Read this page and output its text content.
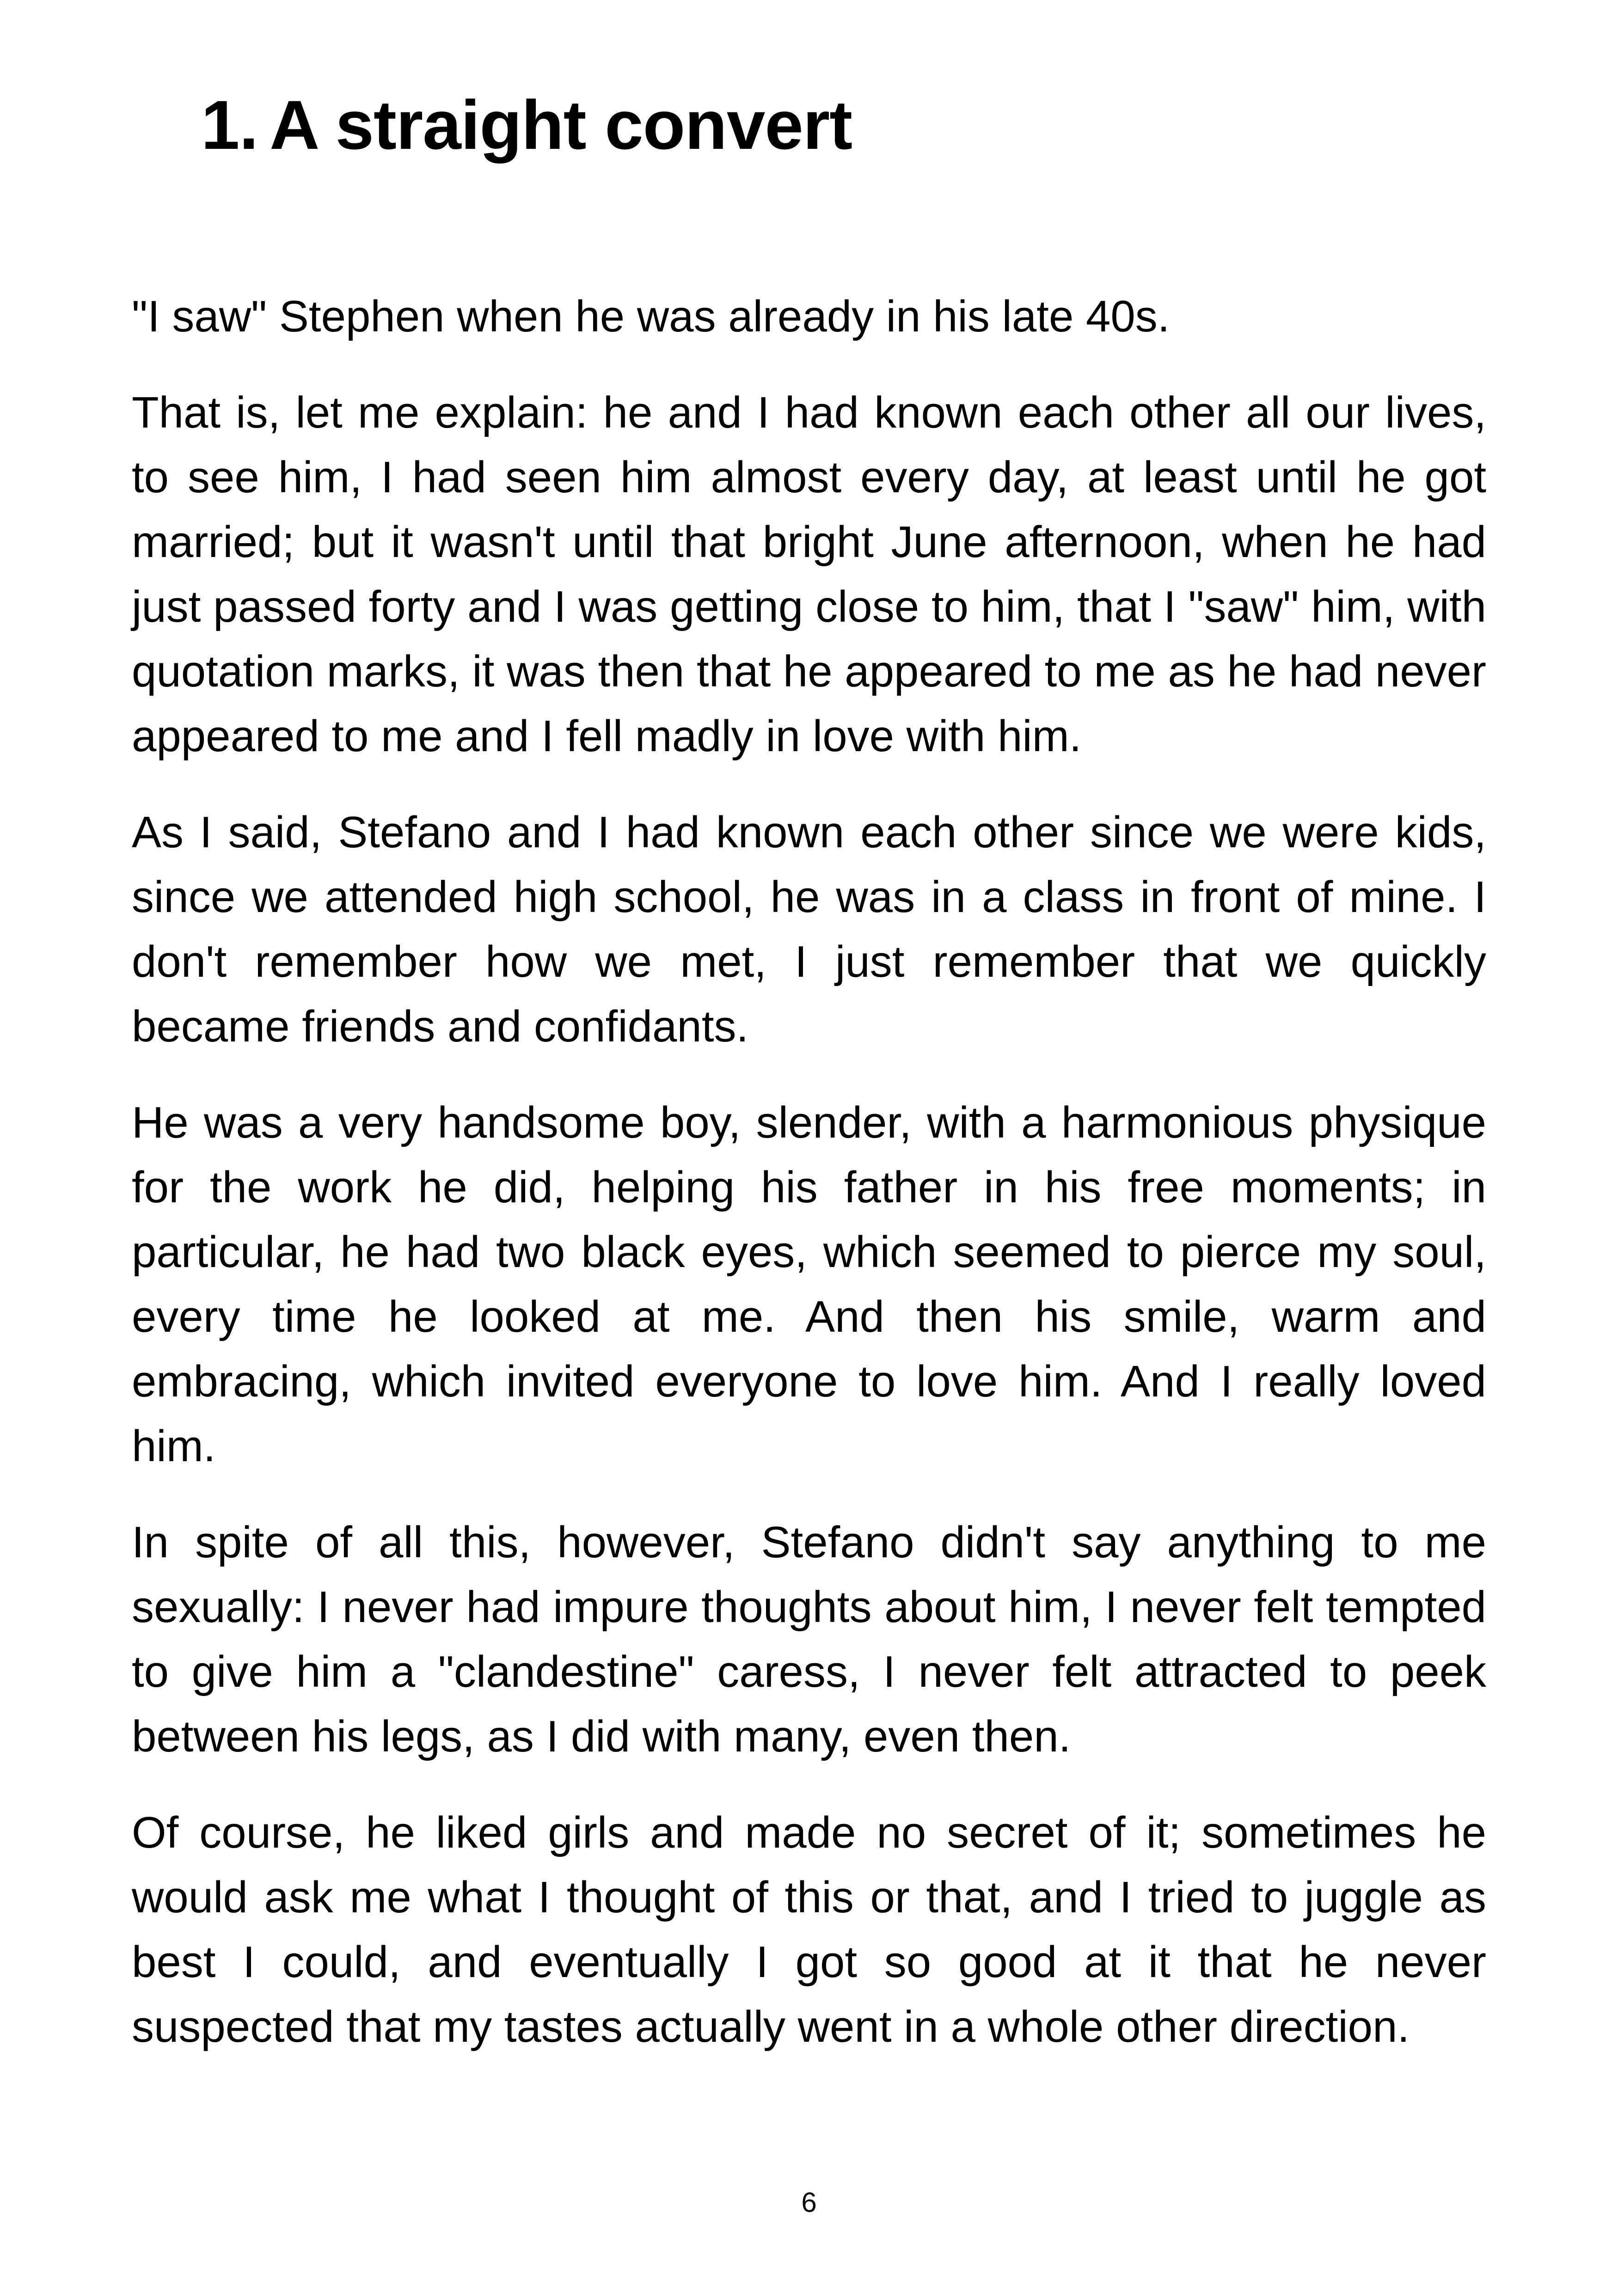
1. A straight convert

"I saw" Stephen when he was already in his late 40s.

That is, let me explain: he and I had known each other all our lives, to see him, I had seen him almost every day, at least until he got married; but it wasn't until that bright June afternoon, when he had just passed forty and I was getting close to him, that I "saw" him, with quotation marks, it was then that he appeared to me as he had never appeared to me and I fell madly in love with him.

As I said, Stefano and I had known each other since we were kids, since we attended high school, he was in a class in front of mine. I don't remember how we met, I just remember that we quickly became friends and confidants.

He was a very handsome boy, slender, with a harmonious physique for the work he did, helping his father in his free moments; in particular, he had two black eyes, which seemed to pierce my soul, every time he looked at me. And then his smile, warm and embracing, which invited everyone to love him. And I really loved him.

In spite of all this, however, Stefano didn't say anything to me sexually: I never had impure thoughts about him, I never felt tempted to give him a "clandestine" caress, I never felt attracted to peek between his legs, as I did with many, even then.

Of course, he liked girls and made no secret of it; sometimes he would ask me what I thought of this or that, and I tried to juggle as best I could, and eventually I got so good at it that he never suspected that my tastes actually went in a whole other direction.

6
